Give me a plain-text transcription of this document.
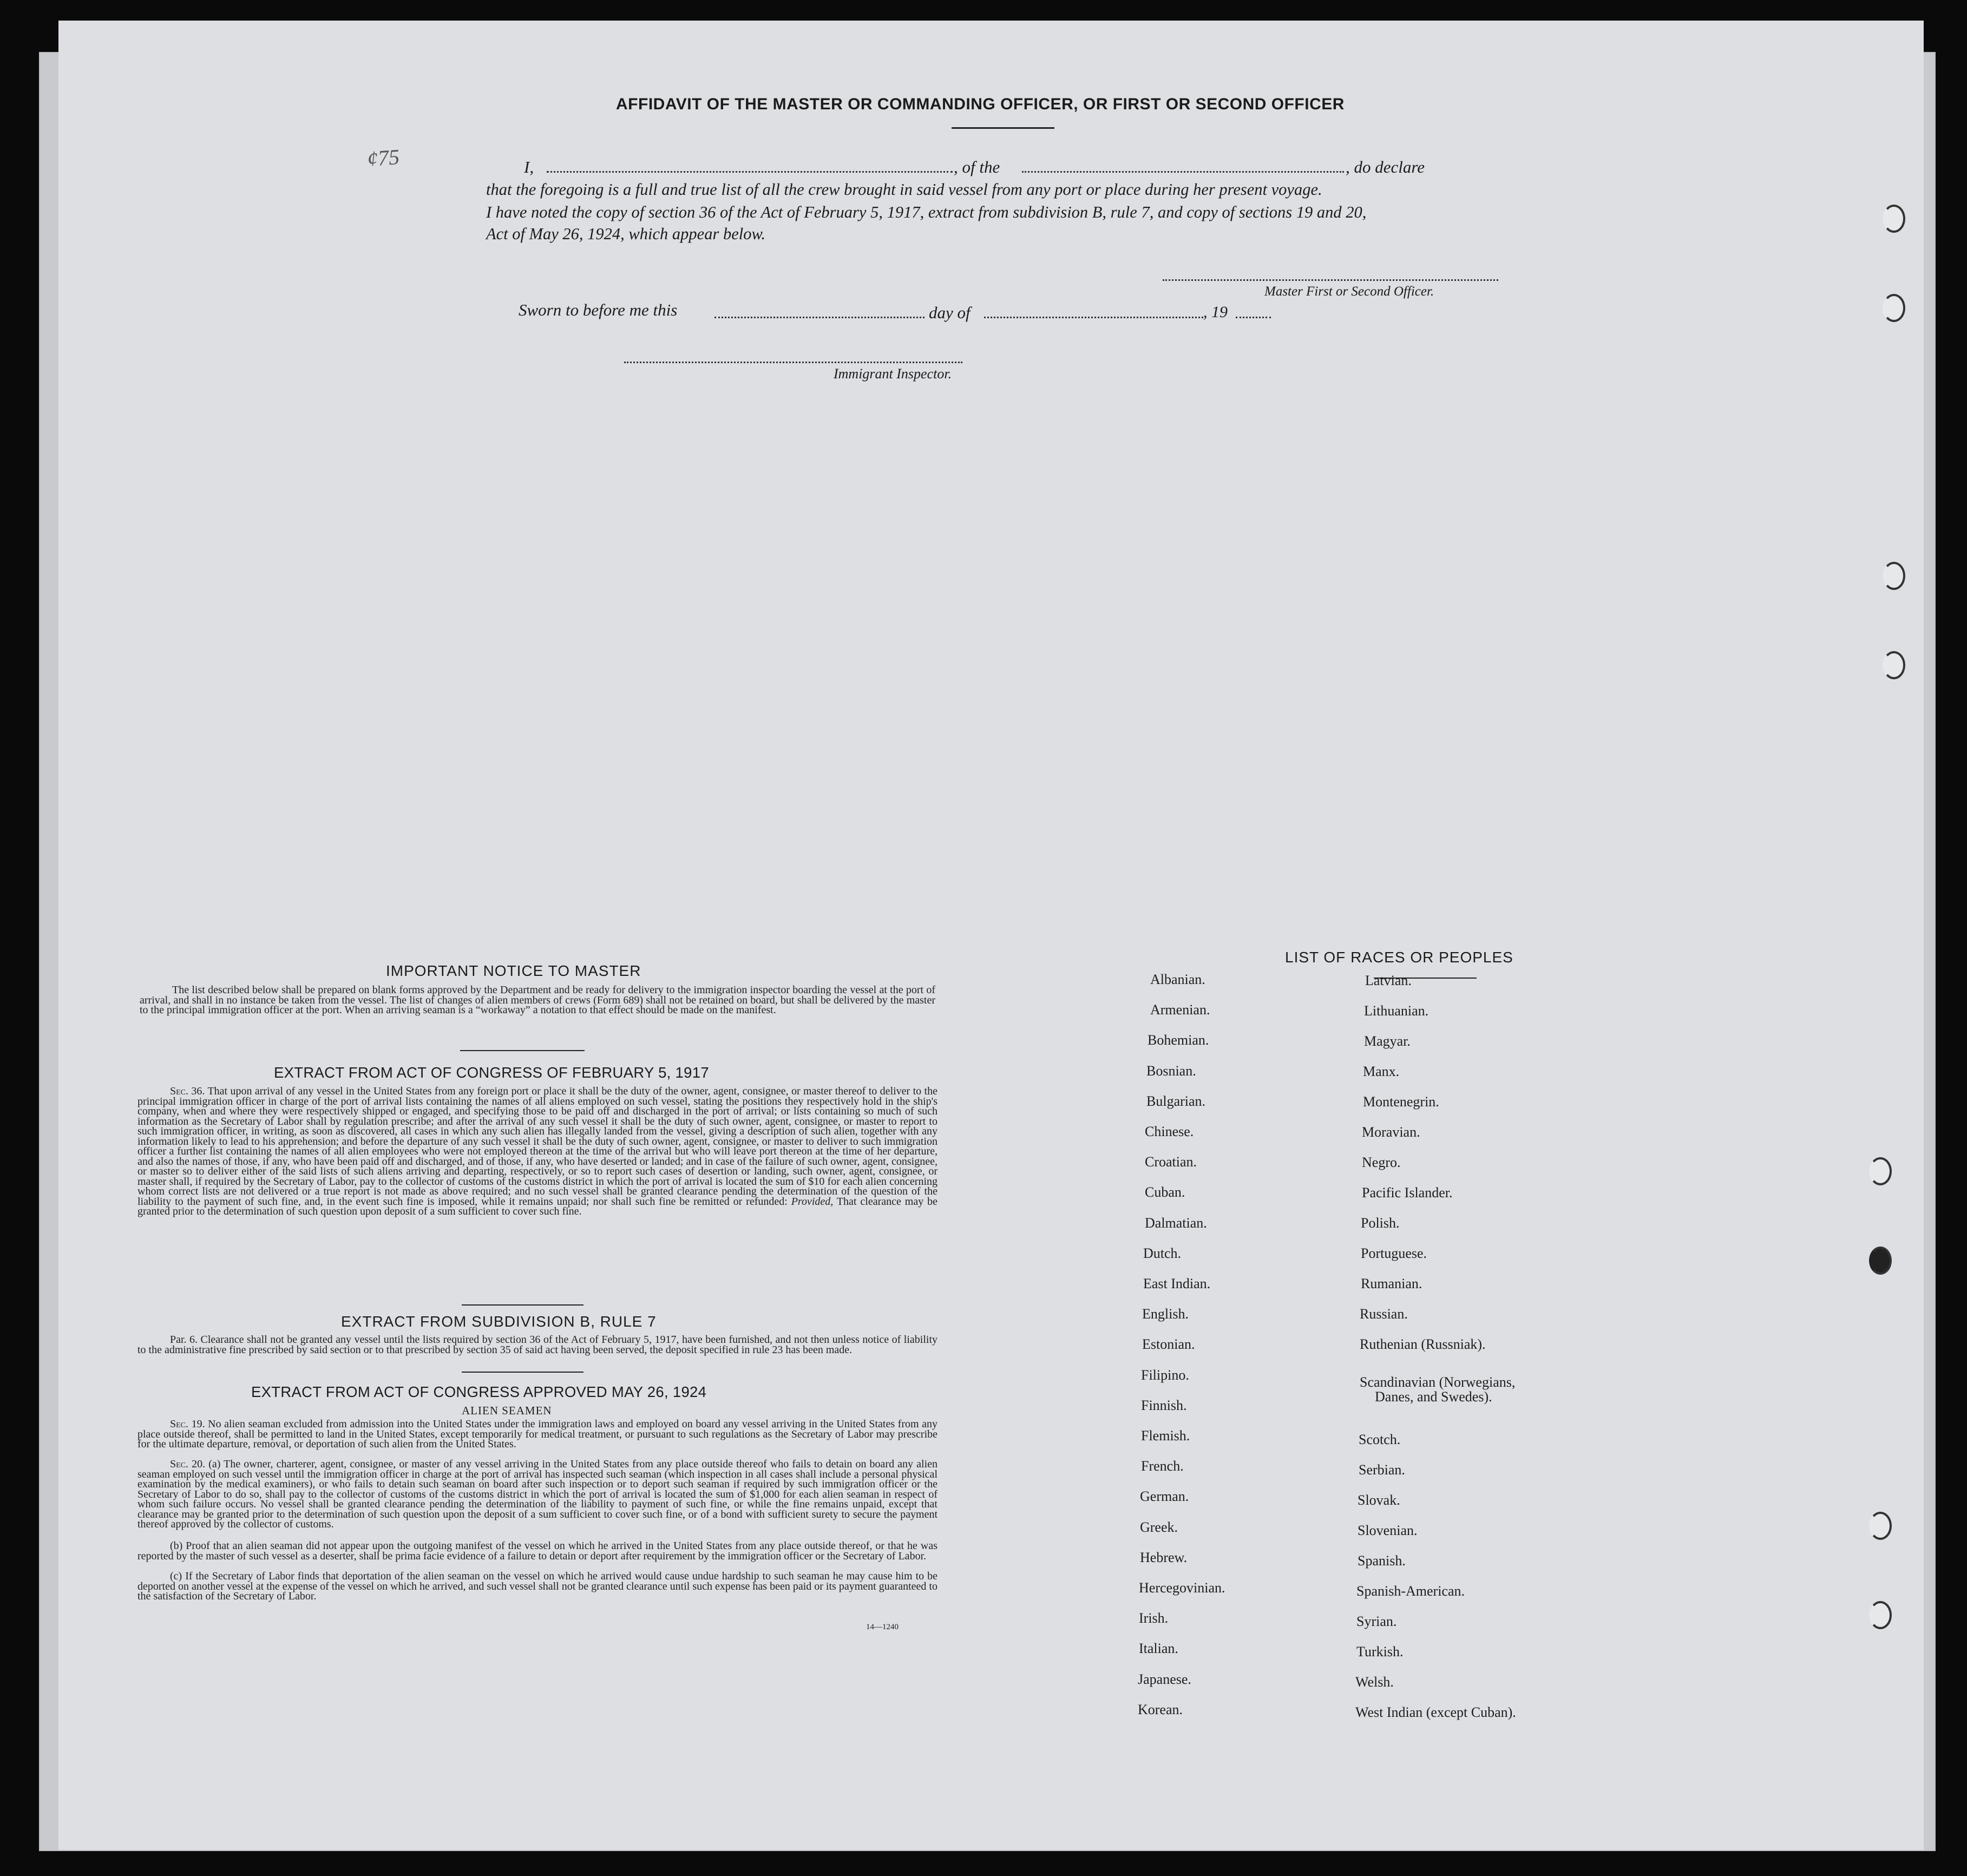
¢75
AFFIDAVIT OF THE MASTER OR COMMANDING OFFICER, OR FIRST OR SECOND OFFICER
I,	, of the	, do declare
that the foregoing is a full and true list of all the crew brought in said vessel from any port or place during her present voyage.
I have noted the copy of section 36 of the Act of February 5, 1917, extract from subdivision B, rule 7, and copy of sections 19 and 20,
Act of May 26, 1924, which appear below.
Master First or Second Officer.
Sworn to before me this	day of	, 19
Immigrant Inspector.
IMPORTANT NOTICE TO MASTER
The list described below shall be prepared on blank forms approved by the Department and be ready for delivery to the immigration inspector boarding the vessel at the port of arrival, and shall in no instance be taken from the vessel. The list of changes of alien members of crews (Form 689) shall not be retained on board, but shall be delivered by the master to the principal immigration officer at the port. When an arriving seaman is a “workaway” a notation to that effect should be made on the manifest.
EXTRACT FROM ACT OF CONGRESS OF FEBRUARY 5, 1917
Sec. 36. That upon arrival of any vessel in the United States from any foreign port or place it shall be the duty of the owner, agent, consignee, or master thereof to deliver to the principal immigration officer in charge of the port of arrival lists containing the names of all aliens employed on such vessel, stating the positions they respectively hold in the ship's company, when and where they were respectively shipped or engaged, and specifying those to be paid off and discharged in the port of arrival; or lists containing so much of such information as the Secretary of Labor shall by regulation prescribe; and after the arrival of any such vessel it shall be the duty of such owner, agent, consignee, or master to report to such immigration officer, in writing, as soon as discovered, all cases in which any such alien has illegally landed from the vessel, giving a description of such alien, together with any information likely to lead to his apprehension; and before the departure of any such vessel it shall be the duty of such owner, agent, consignee, or master to deliver to such immigration officer a further list containing the names of all alien employees who were not employed thereon at the time of the arrival but who will leave port thereon at the time of her departure, and also the names of those, if any, who have been paid off and discharged, and of those, if any, who have deserted or landed; and in case of the failure of such owner, agent, consignee, or master so to deliver either of the said lists of such aliens arriving and departing, respectively, or so to report such cases of desertion or landing, such owner, agent, consignee, or master shall, if required by the Secretary of Labor, pay to the collector of customs of the customs district in which the port of arrival is located the sum of $10 for each alien concerning whom correct lists are not delivered or a true report is not made as above required; and no such vessel shall be granted clearance pending the determination of the question of the liability to the payment of such fine, and, in the event such fine is imposed, while it remains unpaid; nor shall such fine be remitted or refunded: Provided, That clearance may be granted prior to the determination of such question upon deposit of a sum sufficient to cover such fine.
EXTRACT FROM SUBDIVISION B, RULE 7
Par. 6. Clearance shall not be granted any vessel until the lists required by section 36 of the Act of February 5, 1917, have been furnished, and not then unless notice of liability to the administrative fine prescribed by said section or to that prescribed by section 35 of said act having been served, the deposit specified in rule 23 has been made.
EXTRACT FROM ACT OF CONGRESS APPROVED MAY 26, 1924
ALIEN SEAMEN
Sec. 19. No alien seaman excluded from admission into the United States under the immigration laws and employed on board any vessel arriving in the United States from any place outside thereof, shall be permitted to land in the United States, except temporarily for medical treatment, or pursuant to such regulations as the Secretary of Labor may prescribe for the ultimate departure, removal, or deportation of such alien from the United States.
Sec. 20. (a) The owner, charterer, agent, consignee, or master of any vessel arriving in the United States from any place outside thereof who fails to detain on board any alien seaman employed on such vessel until the immigration officer in charge at the port of arrival has inspected such seaman (which inspection in all cases shall include a personal physical examination by the medical examiners), or who fails to detain such seaman on board after such inspection or to deport such seaman if required by such immigration officer or the Secretary of Labor to do so, shall pay to the collector of customs of the customs district in which the port of arrival is located the sum of $1,000 for each alien seaman in respect of whom such failure occurs. No vessel shall be granted clearance pending the determination of the liability to payment of such fine, or while the fine remains unpaid, except that clearance may be granted prior to the determination of such question upon the deposit of a sum sufficient to cover such fine, or of a bond with sufficient surety to secure the payment thereof approved by the collector of customs.
(b) Proof that an alien seaman did not appear upon the outgoing manifest of the vessel on which he arrived in the United States from any place outside thereof, or that he was reported by the master of such vessel as a deserter, shall be prima facie evidence of a failure to detain or deport after requirement by the immigration officer or the Secretary of Labor.
(c) If the Secretary of Labor finds that deportation of the alien seaman on the vessel on which he arrived would cause undue hardship to such seaman he may cause him to be deported on another vessel at the expense of the vessel on which he arrived, and such vessel shall not be granted clearance until such expense has been paid or its payment guaranteed to the satisfaction of the Secretary of Labor.
14—1240
LIST OF RACES OR PEOPLES
Albanian.
Armenian.
Bohemian.
Bosnian.
Bulgarian.
Chinese.
Croatian.
Cuban.
Dalmatian.
Dutch.
East Indian.
English.
Estonian.
Filipino.
Finnish.
Flemish.
French.
German.
Greek.
Hebrew.
Hercegovinian.
Irish.
Italian.
Japanese.
Korean.
Latvian.
Lithuanian.
Magyar.
Manx.
Montenegrin.
Moravian.
Negro.
Pacific Islander.
Polish.
Portuguese.
Rumanian.
Russian.
Ruthenian (Russniak).
Scandinavian (Norwegians,
Danes, and Swedes).
Scotch.
Serbian.
Slovak.
Slovenian.
Spanish.
Spanish-American.
Syrian.
Turkish.
Welsh.
West Indian (except Cuban).
